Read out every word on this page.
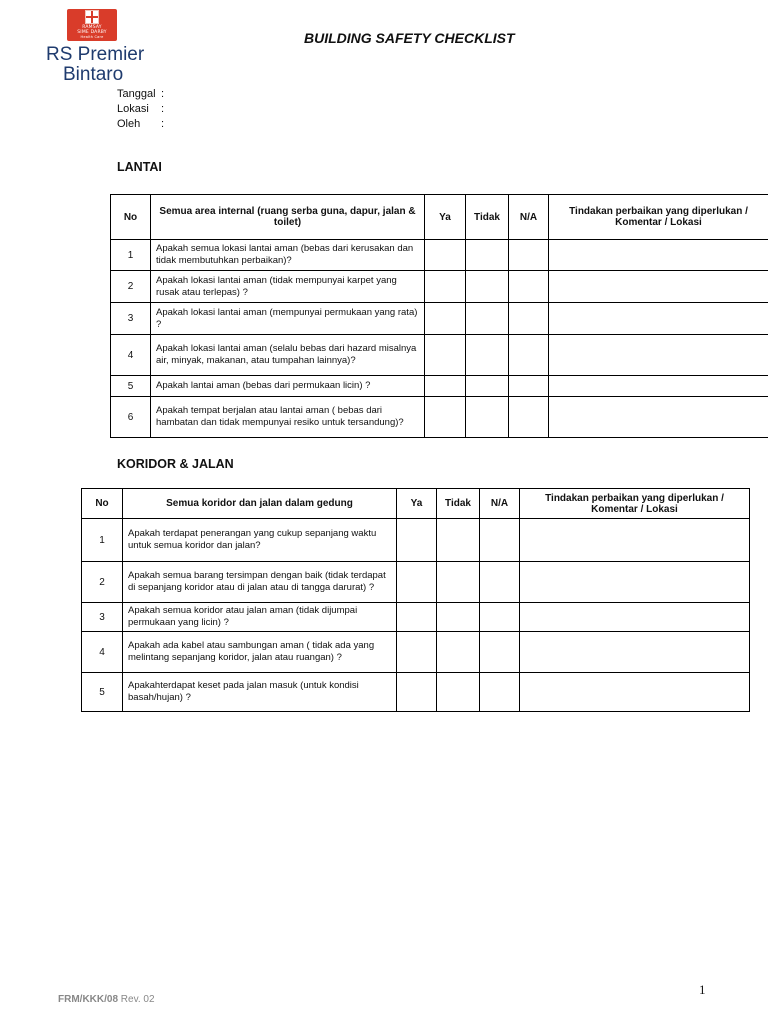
RAMSAY
SIME DARBY
Health Care
RS Premier
Bintaro
BUILDING SAFETY CHECKLIST
Tanggal :
Lokasi :
Oleh :
LANTAI
No	Semua area internal (ruang serba guna, dapur, jalan & toilet)	Ya	Tidak	N/A	Tindakan perbaikan yang diperlukan / Komentar / Lokasi
1	Apakah semua lokasi lantai aman (bebas dari kerusakan dan tidak membutuhkan perbaikan)?				
2	Apakah lokasi lantai aman (tidak mempunyai karpet yang rusak atau terlepas) ?				
3	Apakah lokasi lantai aman (mempunyai permukaan yang rata) ?				
4	Apakah lokasi lantai aman (selalu bebas dari hazard misalnya air, minyak, makanan, atau tumpahan lainnya)?				
5	Apakah lantai aman (bebas dari permukaan licin) ?				
6	Apakah tempat berjalan atau lantai aman ( bebas dari hambatan dan tidak mempunyai resiko untuk tersandung)?				
KORIDOR & JALAN
No	Semua koridor dan jalan dalam gedung	Ya	Tidak	N/A	Tindakan perbaikan yang diperlukan / Komentar / Lokasi
1	Apakah terdapat penerangan yang cukup sepanjang waktu untuk semua koridor dan jalan?				
2	Apakah semua barang tersimpan dengan baik (tidak terdapat di sepanjang koridor atau di jalan atau di tangga darurat) ?				
3	Apakah semua koridor atau jalan aman (tidak dijumpai permukaan yang licin) ?				
4	Apakah ada kabel atau sambungan aman ( tidak ada yang melintang sepanjang koridor, jalan atau ruangan) ?				
5	Apakahterdapat keset pada jalan masuk (untuk kondisi basah/hujan) ?				
1
FRM/KKK/08 Rev. 02
